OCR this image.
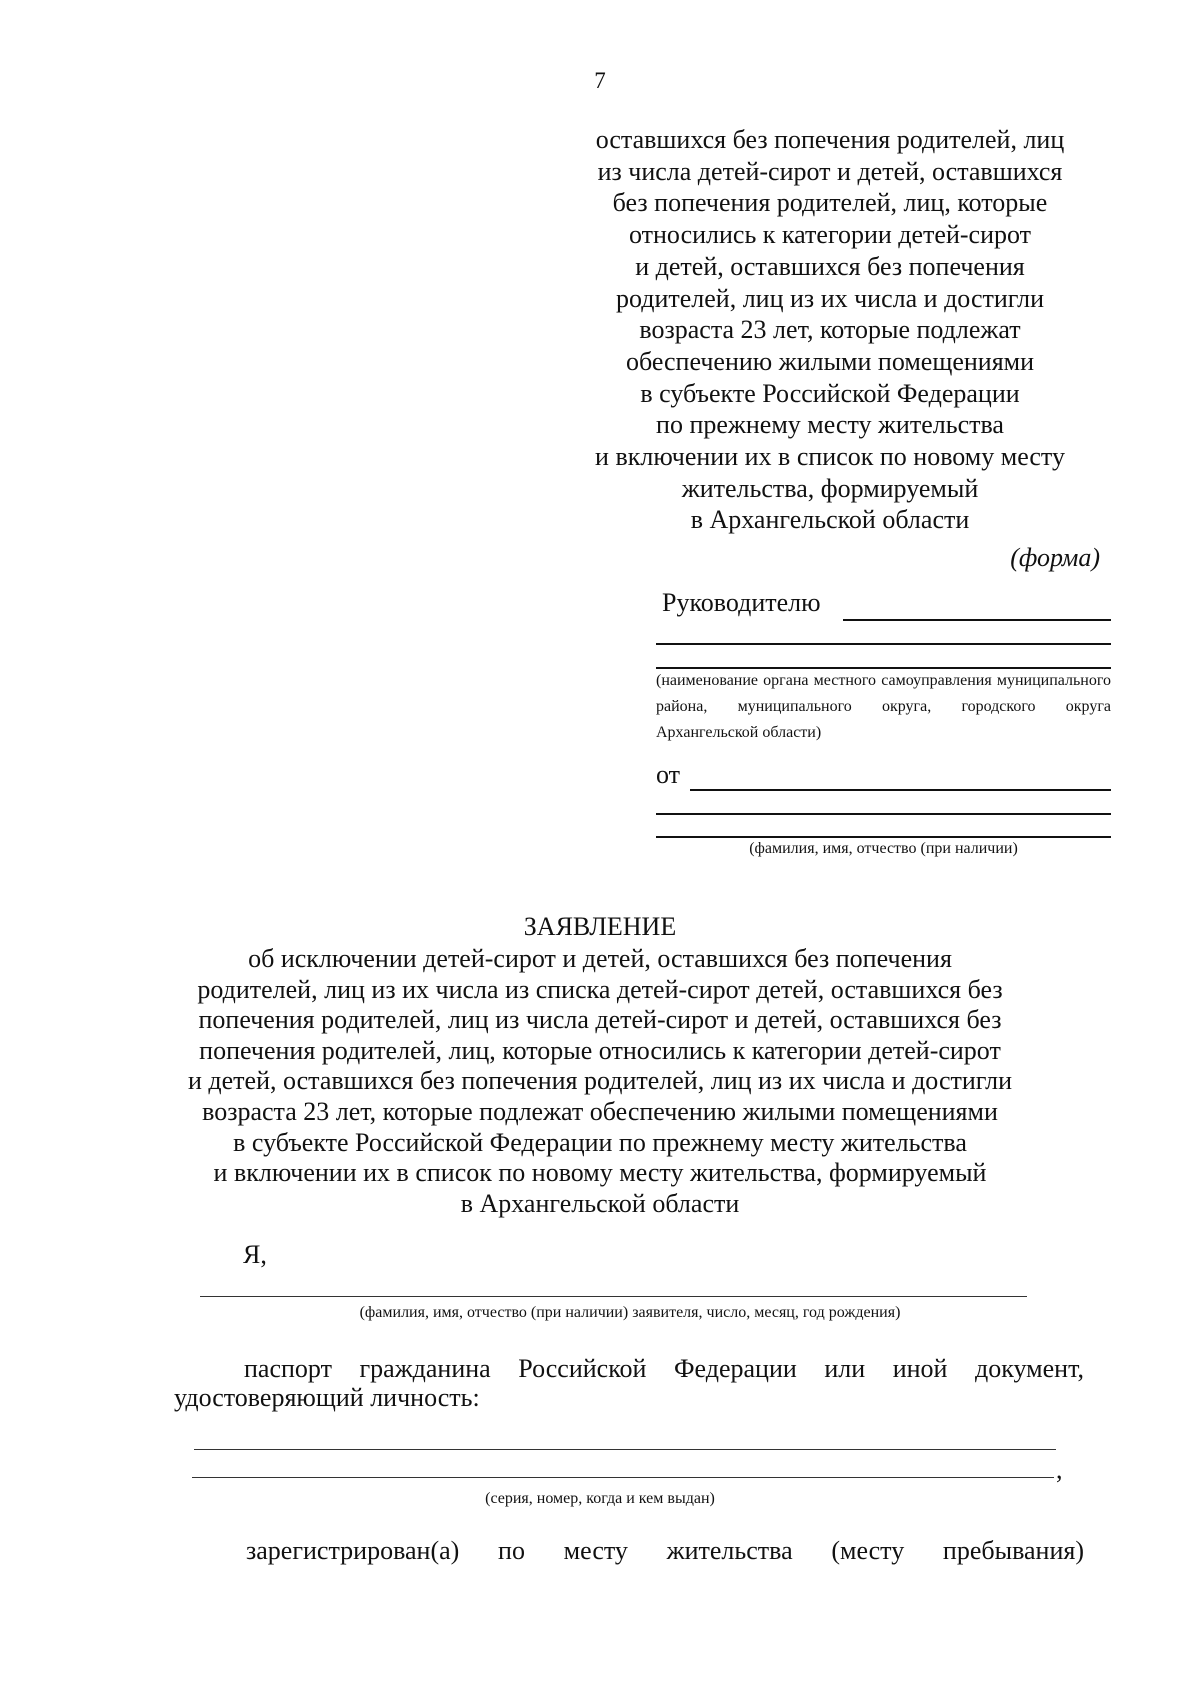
7
оставшихся без попечения родителей, лиц
из числа детей-сирот и детей, оставшихся
без попечения родителей, лиц, которые
относились к категории детей-сирот
и детей, оставшихся без попечения
родителей, лиц из их числа и достигли
возраста 23 лет, которые подлежат
обеспечению жилыми помещениями
в субъекте Российской Федерации
по прежнему месту жительства
и включении их в список по новому месту
жительства, формируемый
в Архангельской области
(форма)
Руководителю
(наименование органа местного самоуправления муниципального района, муниципального округа, городского округа Архангельской области)
от
(фамилия, имя, отчество (при наличии)
ЗАЯВЛЕНИЕ
об исключении детей-сирот и детей, оставшихся без попечения
родителей, лиц из их числа из списка детей-сирот детей, оставшихся без
попечения родителей, лиц из числа детей-сирот и детей, оставшихся без
попечения родителей, лиц, которые относились к категории детей-сирот
и детей, оставшихся без попечения родителей, лиц из их числа и достигли
возраста 23 лет, которые подлежат обеспечению жилыми помещениями
в субъекте Российской Федерации по прежнему месту жительства
и включении их в список по новому месту жительства, формируемый
в Архангельской области
Я,
(фамилия, имя, отчество (при наличии) заявителя, число, месяц, год рождения)
паспорт гражданина Российской Федерации или иной документ,
удостоверяющий личность:
,
(серия, номер, когда и кем выдан)
зарегистрирован(а) по месту жительства (месту пребывания)
